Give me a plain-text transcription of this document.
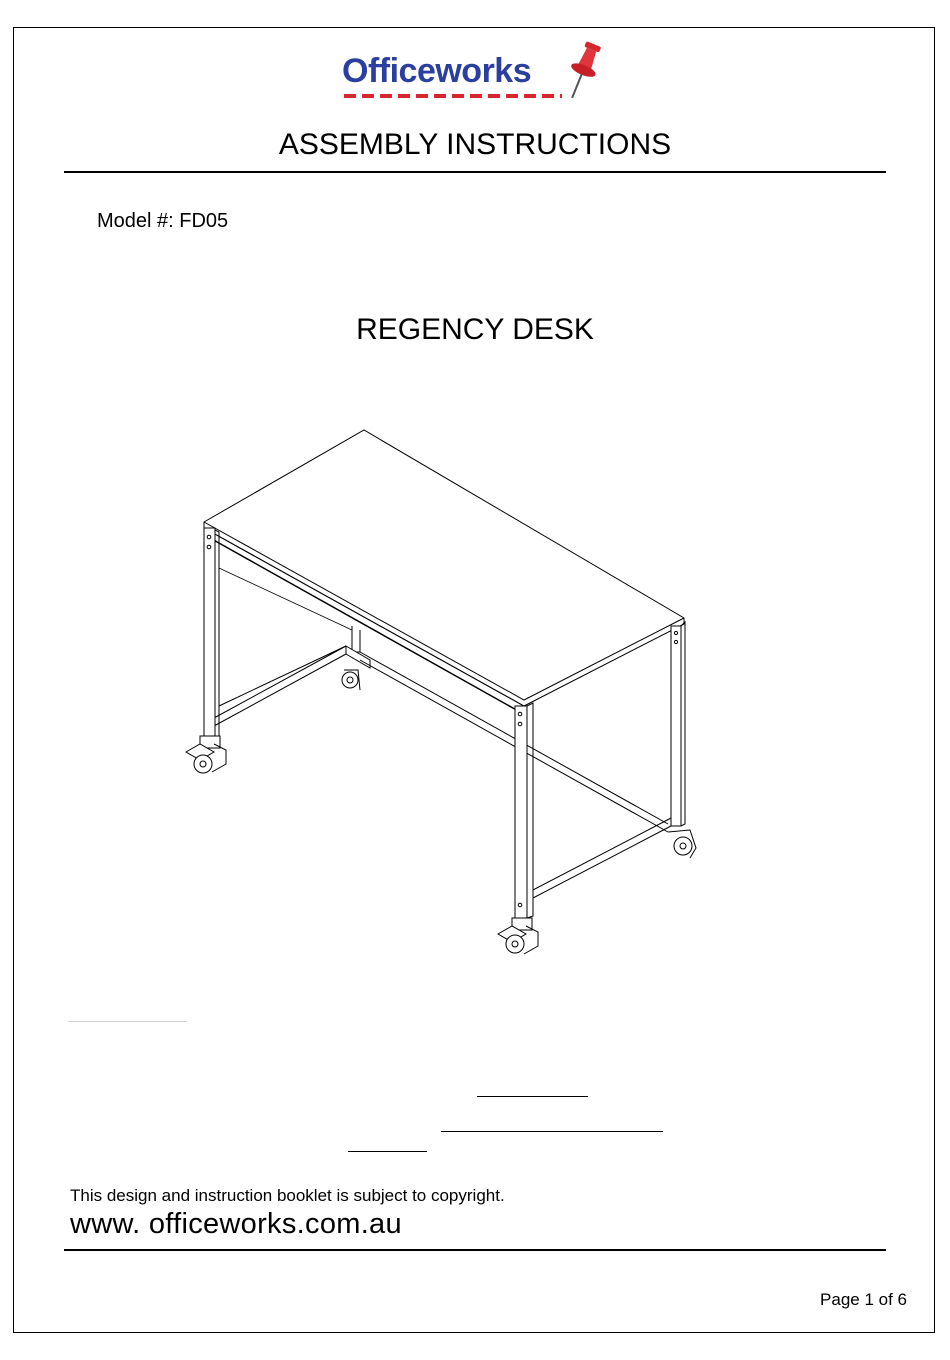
Officeworks
ASSEMBLY INSTRUCTIONS
Model #: FD05
REGENCY DESK
This design and instruction booklet is subject to copyright.
www. officeworks.com.au
Page 1 of 6
